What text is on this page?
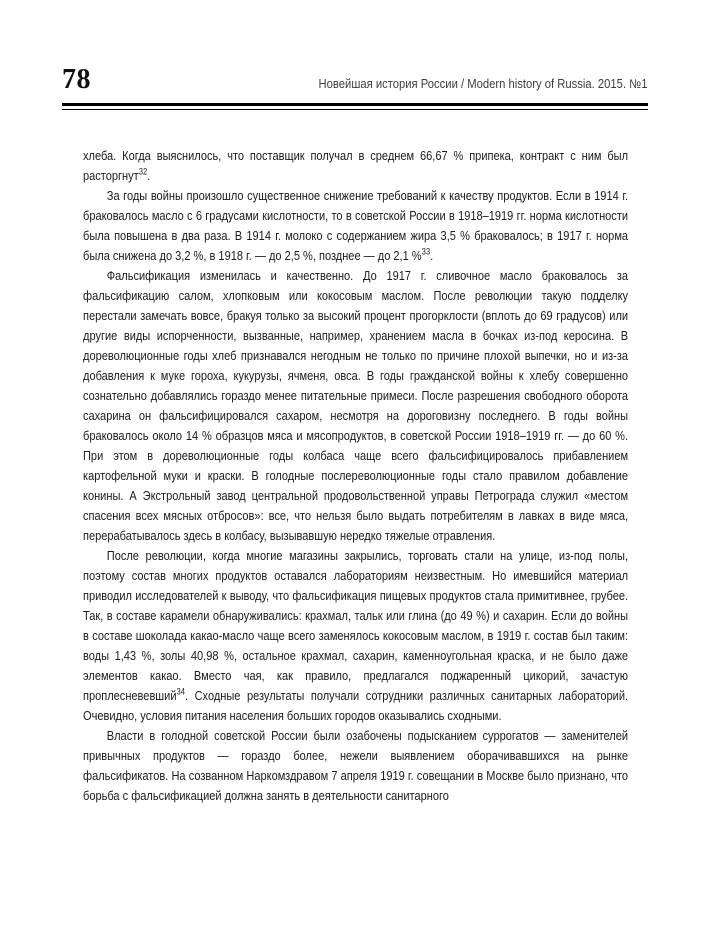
78	Новейшая история России / Modern history of Russia. 2015. №1

хлеба. Когда выяснилось, что поставщик получал в среднем 66,67 % припека, контракт с ним был расторгнут$^{32}$.

За годы войны произошло существенное снижение требований к качеству продуктов. Если в 1914 г. браковалось масло с 6 градусами кислотности, то в советской России в 1918–1919 гг. норма кислотности была повышена в два раза. В 1914 г. молоко с содержанием жира 3,5 % браковалось; в 1917 г. норма была снижена до 3,2 %, в 1918 г. — до 2,5 %, позднее — до 2,1 %$^{33}$.

Фальсификация изменилась и качественно. До 1917 г. сливочное масло браковалось за фальсификацию салом, хлопковым или кокосовым маслом. После революции такую подделку перестали замечать вовсе, бракуя только за высокий процент прогорклости (вплоть до 69 градусов) или другие виды испорченности, вызванные, например, хранением масла в бочках из-под керосина. В дореволюционные годы хлеб признавался негодным не только по причине плохой выпечки, но и из-за добавления к муке гороха, кукурузы, ячменя, овса. В годы гражданской войны к хлебу совершенно сознательно добавлялись гораздо менее питательные примеси. После разрешения свободного оборота сахарина он фальсифицировался сахаром, несмотря на дороговизну последнего. В годы войны браковалось около 14 % образцов мяса и мясопродуктов, в советской России 1918–1919 гг. — до 60 %. При этом в дореволюционные годы колбаса чаще всего фальсифицировалось прибавлением картофельной муки и краски. В голодные послереволюционные годы стало правилом добавление конины. А Экстрольный завод центральной продовольственной управы Петрограда служил «местом спасения всех мясных отбросов»: все, что нельзя было выдать потребителям в лавках в виде мяса, перерабатывалось здесь в колбасу, вызывавшую нередко тяжелые отравления.

После революции, когда многие магазины закрылись, торговать стали на улице, из-под полы, поэтому состав многих продуктов оставался лабораториям неизвестным. Но имевшийся материал приводил исследователей к выводу, что фальсификация пищевых продуктов стала примитивнее, грубее. Так, в составе карамели обнаруживались: крахмал, тальк или глина (до 49 %) и сахарин. Если до войны в составе шоколада какао-масло чаще всего заменялось кокосовым маслом, в 1919 г. состав был таким: воды 1,43 %, золы 40,98 %, остальное крахмал, сахарин, каменноугольная краска, и не было даже элементов какао. Вместо чая, как правило, предлагался поджаренный цикорий, зачастую проплесневевший$^{34}$. Сходные результаты получали сотрудники различных санитарных лабораторий. Очевидно, условия питания населения больших городов оказывались сходными.

Власти в голодной советской России были озабочены подысканием суррогатов — заменителей привычных продуктов — гораздо более, нежели выявлением оборачивавшихся на рынке фальсификатов. На созванном Наркомздравом 7 апреля 1919 г. совещании в Москве было признано, что борьба с фальсификацией должна занять в деятельности санитарного
